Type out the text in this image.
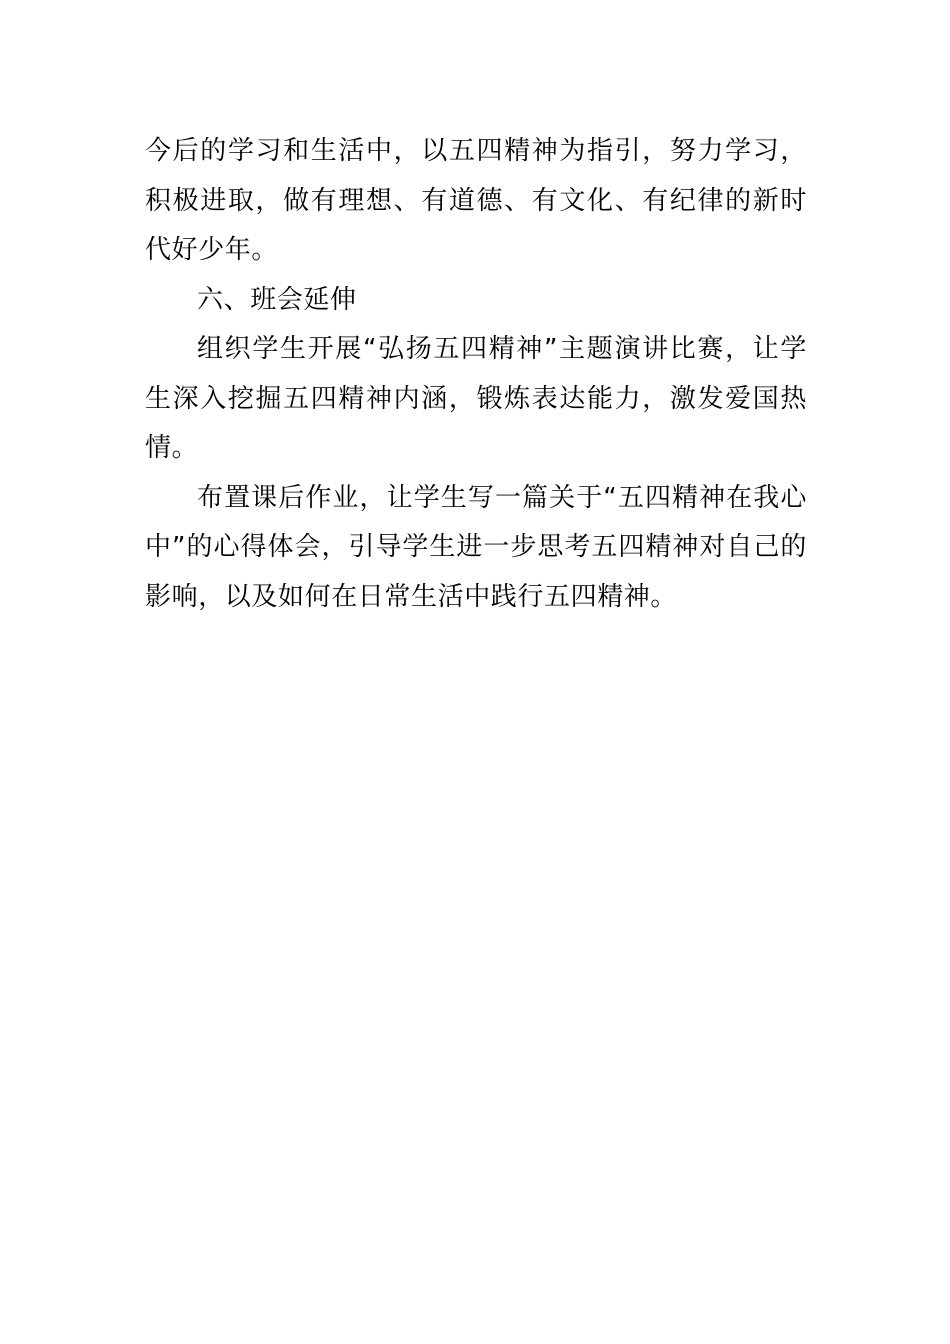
今后的学习和生活中，以五四精神为指引，努力学习，积极进取，做有理想、有道德、有文化、有纪律的新时代好少年。

六、班会延伸

组织学生开展“弘扬五四精神”主题演讲比赛，让学生深入挖掘五四精神内涵，锻炼表达能力，激发爱国热情。

布置课后作业，让学生写一篇关于“五四精神在我心中”的心得体会，引导学生进一步思考五四精神对自己的影响，以及如何在日常生活中践行五四精神。
